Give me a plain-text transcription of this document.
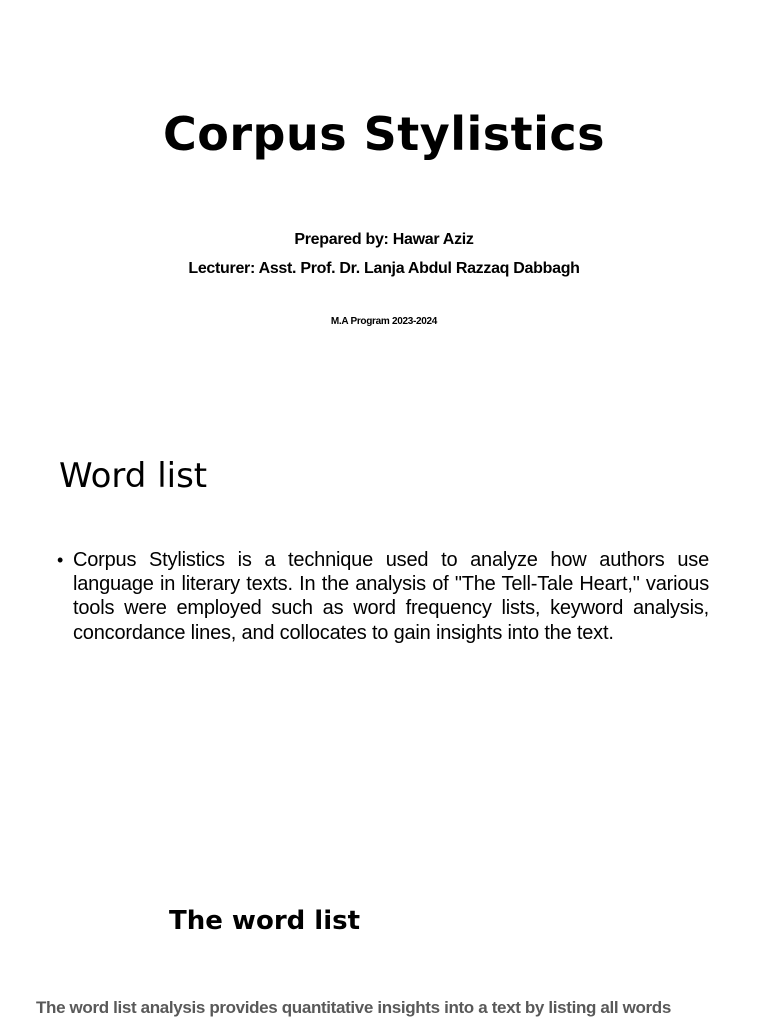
Corpus Stylistics
Prepared by: Hawar Aziz
Lecturer: Asst. Prof. Dr. Lanja Abdul Razzaq Dabbagh
M.A Program 2023-2024
Word list
• Corpus Stylistics is a technique used to analyze how authors use language in literary texts. In the analysis of "The Tell-Tale Heart," various tools were employed such as word frequency lists, keyword analysis, concordance lines, and collocates to gain insights into the text.
The word list

The word list analysis provides quantitative insights into a text by listing all words
